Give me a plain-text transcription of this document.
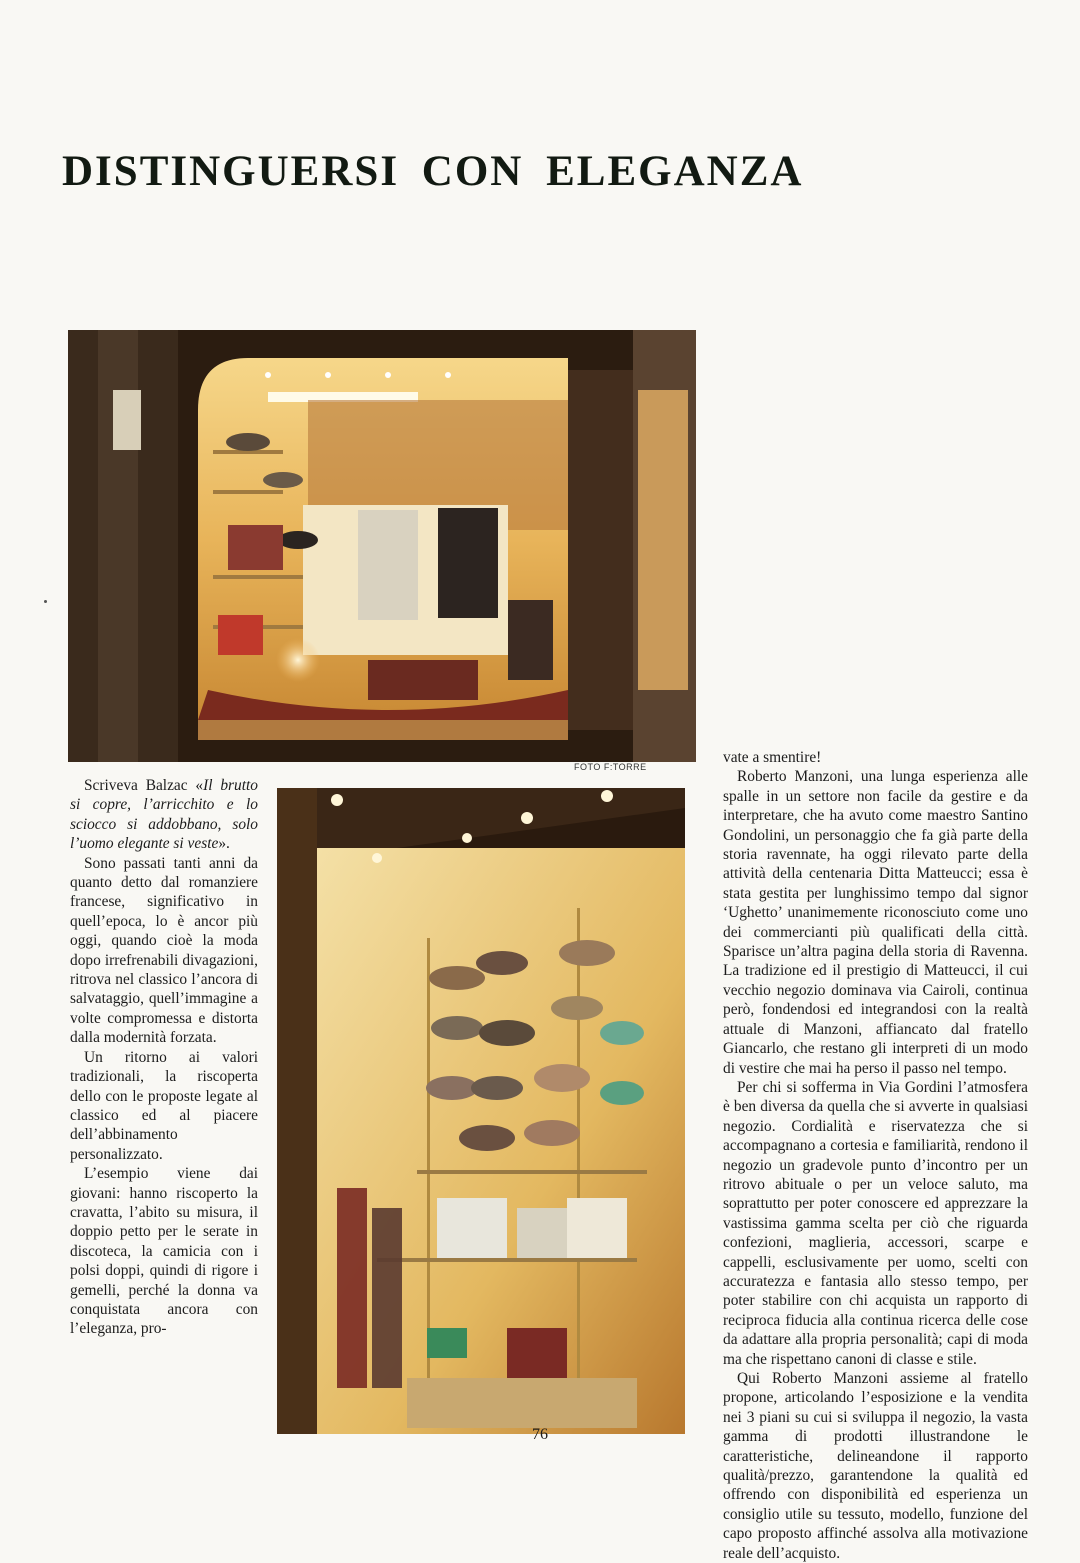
DISTINGUERSI CON ELEGANZA
FOTO F:TORRE

Scriveva Balzac «Il brutto si copre, l’arricchito e lo sciocco si addobbano, solo l’uomo elegante si veste».

Sono passati tanti anni da quanto detto dal romanziere francese, significativo in quell’epoca, lo è ancor più oggi, quando cioè la moda dopo irrefrenabili divagazioni, ritrova nel classico l’ancora di salvataggio, quell’immagine a volte compromessa e distorta dalla modernità forzata.

Un ritorno ai valori tradizionali, la riscoperta dello con le proposte legate al classico ed al piacere dell’abbinamento personalizzato.

L’esempio viene dai giovani: hanno riscoperto la cravatta, l’abito su misura, il doppio petto per le serate in discoteca, la camicia con i polsi doppi, quindi di rigore i gemelli, perché la donna va conquistata ancora con l’eleganza, pro-

vate a smentire!

Roberto Manzoni, una lunga esperienza alle spalle in un settore non facile da gestire e da interpretare, che ha avuto come maestro Santino Gondolini, un personaggio che fa già parte della storia ravennate, ha oggi rilevato parte della attività della centenaria Ditta Matteucci; essa è stata gestita per lunghissimo tempo dal signor ‘Ughetto’ unanimemente riconosciuto come uno dei commercianti più qualificati della città. Sparisce un’altra pagina della storia di Ravenna. La tradizione ed il prestigio di Matteucci, il cui vecchio negozio dominava via Cairoli, continua però, fondendosi ed integrandosi con la realtà attuale di Manzoni, affiancato dal fratello Giancarlo, che restano gli interpreti di un modo di vestire che mai ha perso il passo nel tempo.

Per chi si sofferma in Via Gordini l’atmosfera è ben diversa da quella che si avverte in qualsiasi negozio. Cordialità e riservatezza che si accompagnano a cortesia e familiarità, rendono il negozio un gradevole punto d’incontro per un ritrovo abituale o per un veloce saluto, ma soprattutto per poter conoscere ed apprezzare la vastissima gamma scelta per ciò che riguarda confezioni, maglieria, accessori, scarpe e cappelli, esclusivamente per uomo, scelti con accuratezza e fantasia allo stesso tempo, per poter stabilire con chi acquista un rapporto di reciproca fiducia alla continua ricerca delle cose da adattare alla propria personalità; capi di moda ma che rispettano canoni di classe e stile.

Qui Roberto Manzoni assieme al fratello propone, articolando l’esposizione e la vendita nei 3 piani su cui si sviluppa il negozio, la vasta gamma di prodotti illustrandone le caratteristiche, delineandone il rapporto qualità/prezzo, garantendone la qualità ed offrendo con disponibilità ed esperienza un consiglio utile su tessuto, modello, funzione del capo proposto affinché assolva alla motivazione reale dell’acquisto.

76
